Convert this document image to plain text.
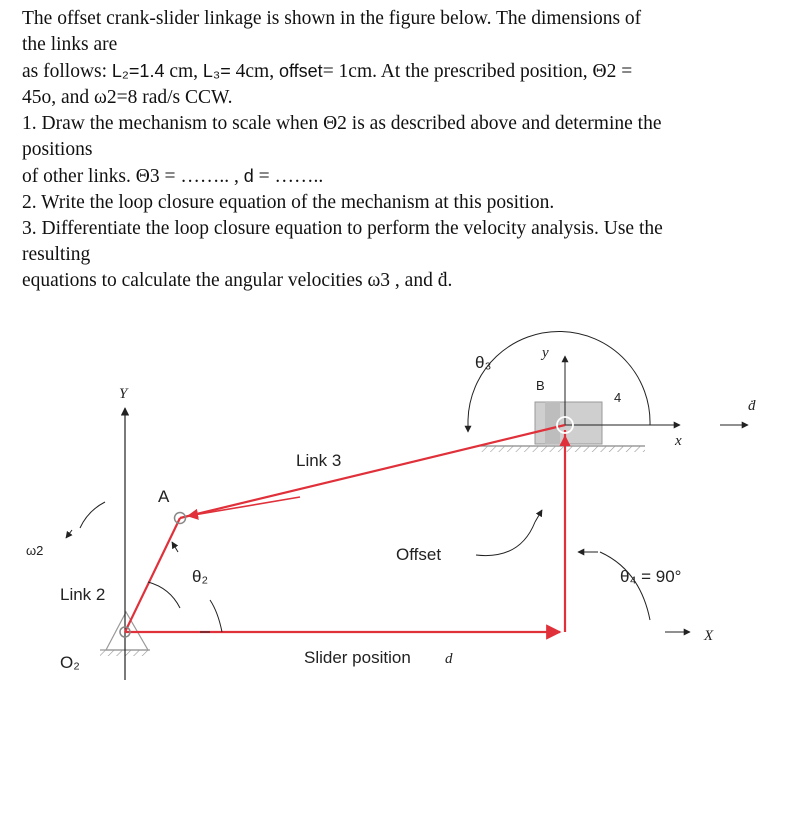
The offset crank-slider linkage is shown in the figure below. The dimensions of

the links are

as follows: L₂=1.4 cm, L₃= 4cm, offset= 1cm. At the prescribed position, Θ2 =

45o, and ω2=8 rad/s CCW.

1. Draw the mechanism to scale when Θ2 is as described above and determine the

positions

of other links. Θ3 = …….. , d = ……..

2. Write the loop closure equation of the mechanism at this position.

3. Differentiate the loop closure equation to perform the velocity analysis. Use the

resulting

equations to calculate the angular velocities ω3 , and ḋ.

θ₃	y
B
4
ḋ
x
Y
Link 3
A
ω2	Offset
θ₂	θ₄ = 90°
Link 2
X
O₂	Slider position d
